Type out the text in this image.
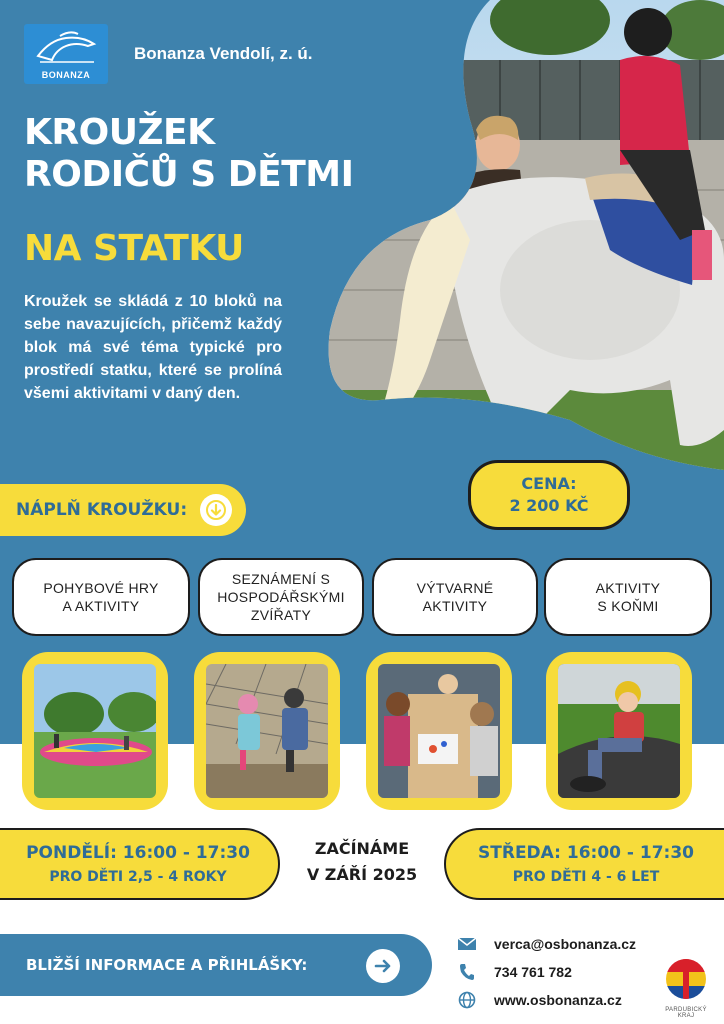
BONANZA
Bonanza Vendolí, z. ú.
KROUŽEK
RODIČŮ S DĚTMI
NA STATKU
Kroužek se skládá z 10 bloků na sebe navazujících, přičemž každý blok má své téma typické pro prostředí statku, které se prolíná všemi aktivitami v daný den.
NÁPLŇ KROUŽKU:
CENA:
2 200 KČ
POHYBOVÉ HRY
A AKTIVITY
SEZNÁMENÍ S
HOSPODÁŘSKÝMI
ZVÍŘATY
VÝTVARNÉ
AKTIVITY
AKTIVITY
S KOŇMI
PONDĚLÍ: 16:00 - 17:30
PRO DĚTI 2,5 - 4 ROKY
ZAČÍNÁME
V ZÁŘÍ 2025
STŘEDA: 16:00 - 17:30
PRO DĚTI 4 - 6 LET
BLIŽŠÍ INFORMACE A PŘIHLÁŠKY:
verca@osbonanza.cz
734 761 782
www.osbonanza.cz
PARDUBICKÝ KRAJ
